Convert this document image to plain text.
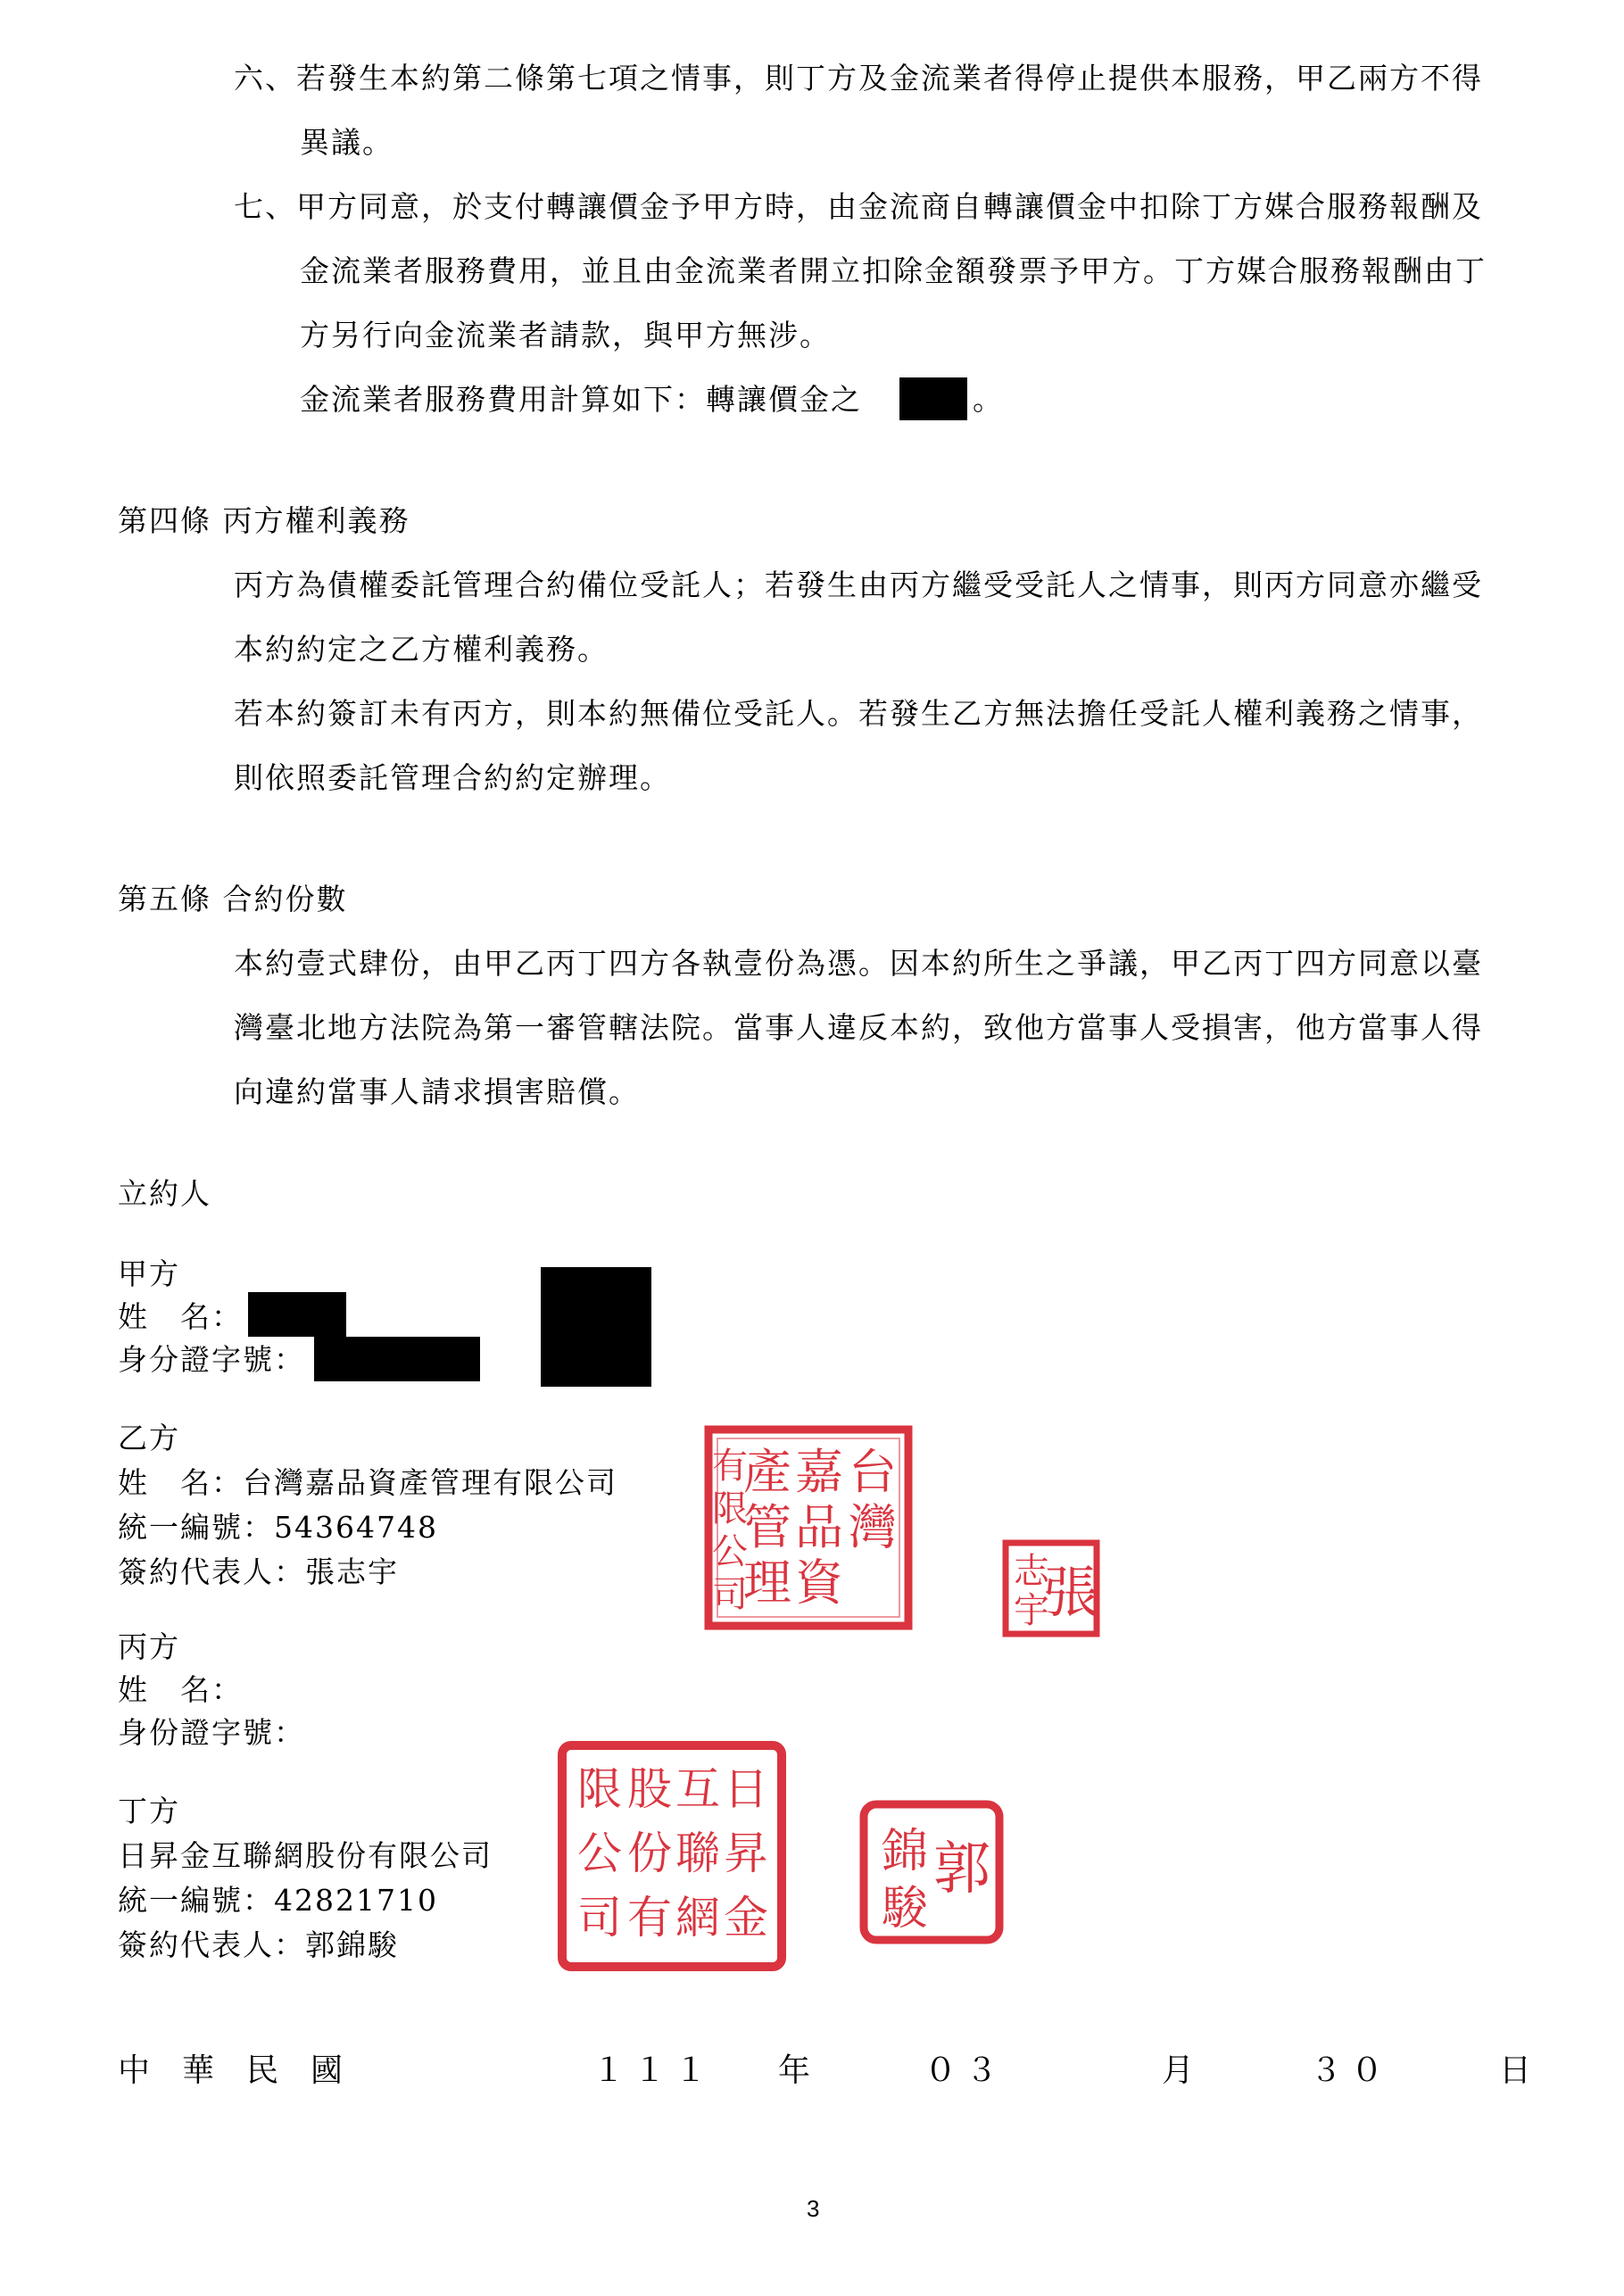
六、若發生本約第二條第七項之情事，則丁方及金流業者得停止提供本服務，甲乙兩方不得
異議。
七、甲方同意，於支付轉讓價金予甲方時，由金流商自轉讓價金中扣除丁方媒合服務報酬及
金流業者服務費用，並且由金流業者開立扣除金額發票予甲方。丁方媒合服務報酬由丁
方另行向金流業者請款，與甲方無涉。
金流業者服務費用計算如下：轉讓價金之	。
第四條 丙方權利義務
丙方為債權委託管理合約備位受託人；若發生由丙方繼受受託人之情事，則丙方同意亦繼受
本約約定之乙方權利義務。
若本約簽訂未有丙方，則本約無備位受託人。若發生乙方無法擔任受託人權利義務之情事，
則依照委託管理合約約定辦理。
第五條 合約份數
本約壹式肆份，由甲乙丙丁四方各執壹份為憑。因本約所生之爭議，甲乙丙丁四方同意以臺
灣臺北地方法院為第一審管轄法院。當事人違反本約，致他方當事人受損害，他方當事人得
向違約當事人請求損害賠償。
立約人
甲方
姓　名：
身分證字號：
乙方
姓　名：台灣嘉品資產管理有限公司
統一編號：54364748
簽約代表人：張志宇
台
灣
嘉
品
資
產
管
理
有
限
公
司	張
志
宇
丙方
姓　名：
身份證字號：
丁方
日昇金互聯網股份有限公司
統一編號：42821710
簽約代表人：郭錦駿
日
昇
金
互
聯
網
股
份
有
限
公
司
郭
錦
駿
中　華　民　國	１１１ 年	０３	月	３０	日
3
